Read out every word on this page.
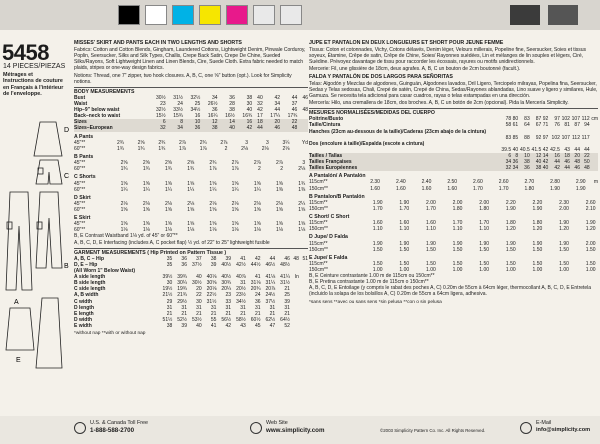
5458
14 PIECES/PIEZAS
Métrages et Instructions de couture en Français à l'intérieur de l'enveloppe.
D
C
A
B
E
MISSES' SKIRT AND PANTS EACH IN TWO LENGTHS AND SHORTS
Fabrics: Cotton and Cotton Blends, Gingham, Laundered Cottons, Lightweight Denim, Pinwale Corduroy, Poplin, Seersucker, Silks and Silk Types, Challis, Crepe Back Satin, Crepe De Chine, Sueded Silks/Rayons, Soft Lightweight Linen and Linen Blends, Cire, Suede Cloth. Extra fabric needed to match plaids, stripes or one-way design fabrics.
Notions: Thread, one 7" zipper, two hook closures. A, B, C, one ⅝" button (opt.). Look for Simplicity notions.
BODY MEASUREMENTS
Bust	30½	31½	32½	34	36	38	40	42	44	46
Waist	23	24	25	26½	28	30	32	34	37	
Hip–9" below waist	32½	33½	34½	36	38	40	42	44	46	48
Back–neck to waist	15½	15¾	16	16¼	16½	16¾	17	17¼	17¾	
Sizes	6	8	10	12	14	16	18	20	22	
Sizes–European	32	34	36	38	40	42	44	46	48	
A Pants
45"**	2¾	2⅝	2¾	2⅞	2¾	2⅞	3	3	3¼	Yd
60"**	1¾	1¾	1¾	1⅞	1⅞	2	2⅛	2⅛	2⅛	
B Pants
45"**	2⅝	2⅝	2⅝	2⅝	2¾	2⅞	2⅞	2⅞	3	
60"**	1¾	1¾	1¾	1¾	1⅞	1⅞	2	2	2⅛	
C Shorts
45"**	1⅝	1⅝	1⅝	1⅝	1⅝	1⅝	1⅝	1⅝	1¾	
60"**	1¼	1¼	1¼	1¼	1¼	1¼	1¼	1⅜	1⅜	
D Skirt
45"**	2⅛	2⅛	2⅛	2⅛	2⅛	2⅛	2⅛	2⅛	2¼	
60"**	1⅝	1⅝	1⅝	1⅝	1⅝	1⅝	1⅝	1⅝	1⅝	
E Skirt
45"**	1⅝	1⅝	1⅝	1⅝	1⅝	1⅝	1⅝	1⅝	1⅝	
60"**	1⅛	1⅛	1⅛	1⅛	1⅛	1⅛	1⅛	1⅛	1⅛	
B, E Contrast Waistband 1⅛ yd. of 45" or 60"**
A, B, C, D, E Interfacing (includes A, C pocket flap) ½ yd. of 22" to 25" lightweight fusible
GARMENT MEASUREMENTS ( Hip Printed on Pattern Tissue )
A, B, C – Hip	35	36	37	38	39	41	42	44	46	48	51
D, E – Hip	35	36	37½	39	40½	42½	44½	46½	48½		
(All Worn 1" Below Waist)											
A side length	39½	39¾	40	40⅛	40½	40⅞	41	41⅛	41¼	In	
B side length	30	30¼	30½	30⅝	30¾	31	31⅛	31¼	31½		
C side length	19½	19¾	20	20⅛	20¼	20½	20¾	20⅞	21		
A, B width	21½	21¾	22	22½	23	23½	24	24½	25		
C width	29	29½	30	31½	33	34½	36	37½	39		
D length	31	31	31	31	31	31	31	31	31		
E length	21	21	21	21	21	21	21	21	21		
D width	51½	52½	53½	55	56½	58½	60½	62½	64½		
E width	38	39	40	41	42	43	45	47	52		
*without nap **with or without nap
JUPE ET PANTALON EN DEUX LONGUEURS ET SHORT POUR JEUNE FEMME
Tissus: Coton et cotonnades, Vichy, Cotons délavés, Denim léger, Velours millerais, Popeline fine, Seersucker, Soies et tissus soyeux, Étamine, Crêpe de satin, Crêpe de Chine, Soies/ Rayonnes suédées, Lin et mélanges de lin souples et légers, Ciré, Suédine. Prévoyez davantage de tissu pour raccorder les écossais, rayures ou motifs unidirectionnels.
Mercerie: Fil, une glissière de 18cm, deux agrafes. A, B, C un bouton de 2cm boutonné (facult.).
FALDA Y PANTALÓN DE DOS LARGOS PARA SEÑORITAS
Telas: Algodón y Mezclas de algodones, Guinguán, Algodones lavados, Dril Ligero, Terciopelo milrayas, Popelina fina, Seersucker, Sedas y Telas sedosas, Chali, Crepé de satén, Crepé de China, Sedas/Rayones ablandadas, Lino suave y ligero y similares, Hule, Gamuza. Se necesita tela adicional para casar cuadros, rayas o telas estampadas en una dirección.
Mercería: Hilo, una cremallera de 18cm, dos broches. A, B, C un botón de 2cm (opcional). Pida la Mercería Simplicity.
MESURES NORMALISÉES/MEDIDAS DEL CUERPO
Poitrine/Busto	78	80	83	87	92	97	102	107	112	cm
Taille/Cintura	58	61	64	67	71	76	81	87	94	
Hanches (23cm au-dessous de la taille)/Caderas (23cm abajo de la cintura)										
	83	85	88	92	97	102	107	112	117	
Dos (encolure à taille)/Espalda (escote a cintura)										
	39.5	40	40.5	41.5	42	42.5	43	44	44	
Tailles / Tallas	6	8	10	12	14	16	18	20	22	
Tailles Françaises	34	36	38	40	42	44	46	48	50	
Tailles Européennes	32	34	36	38	40	42	44	46	48	
A Pantalón/ A Pantalón
115cm**	2.30	2.40	2.40	2.50	2.60	2.60	2.70	2.80	2.90	m
150cm**	1.60	1.60	1.60	1.60	1.70	1.70	1.80	1.90	1.90	
B Pantalon/B Pantalón
115cm**	1.90	1.90	2.00	2.00	2.00	2.20	2.20	2.30	2.60	
150cm**	1.70	1.70	1.70	1.80	1.80	1.90	1.90	2.00	2.10	
C Short/ C Short
115cm**	1.60	1.60	1.60	1.70	1.70	1.80	1.80	1.90	1.90	
150cm**	1.10	1.10	1.10	1.10	1.10	1.20	1.20	1.20	1.20	
D Jupe/ D Falda
115cm**	1.90	1.90	1.90	1.90	1.90	1.90	1.90	1.90	2.00	
150cm**	1.50	1.50	1.50	1.50	1.50	1.50	1.50	1.50	1.50	
E Jupe/ E Falda
115cm**	1.50	1.50	1.50	1.50	1.50	1.50	1.50	1.50	1.50	
150cm**	1.00	1.00	1.00	1.00	1.00	1.00	1.00	1.00	1.00	
B, E Ceinture contrastante 1.00 m de 115cm ou 150cm**
B, E Pretina contrastante 1.00 m de 115cm o 150cm**
A, B, C, D, E Entoilage (y compris le rabat des poches A, C) 0.20m de 55cm à 64cm léger, thermocollant A, B, C, D, E Entretela (incluido la solapa de los bolsillos A, C) 0.20m de 55cm a 64cm ligera, adhesiva.
*sans sens **avec ou sans sens *sin pelusa **con o sin pelusa
U.S. & Canada Toll Free
1-888-588-2700
Web Site
www.simplicity.com
E-Mail
info@simplicity.com
©2003 Simplicity Pattern Co. Inc. All Rights Reserved.
